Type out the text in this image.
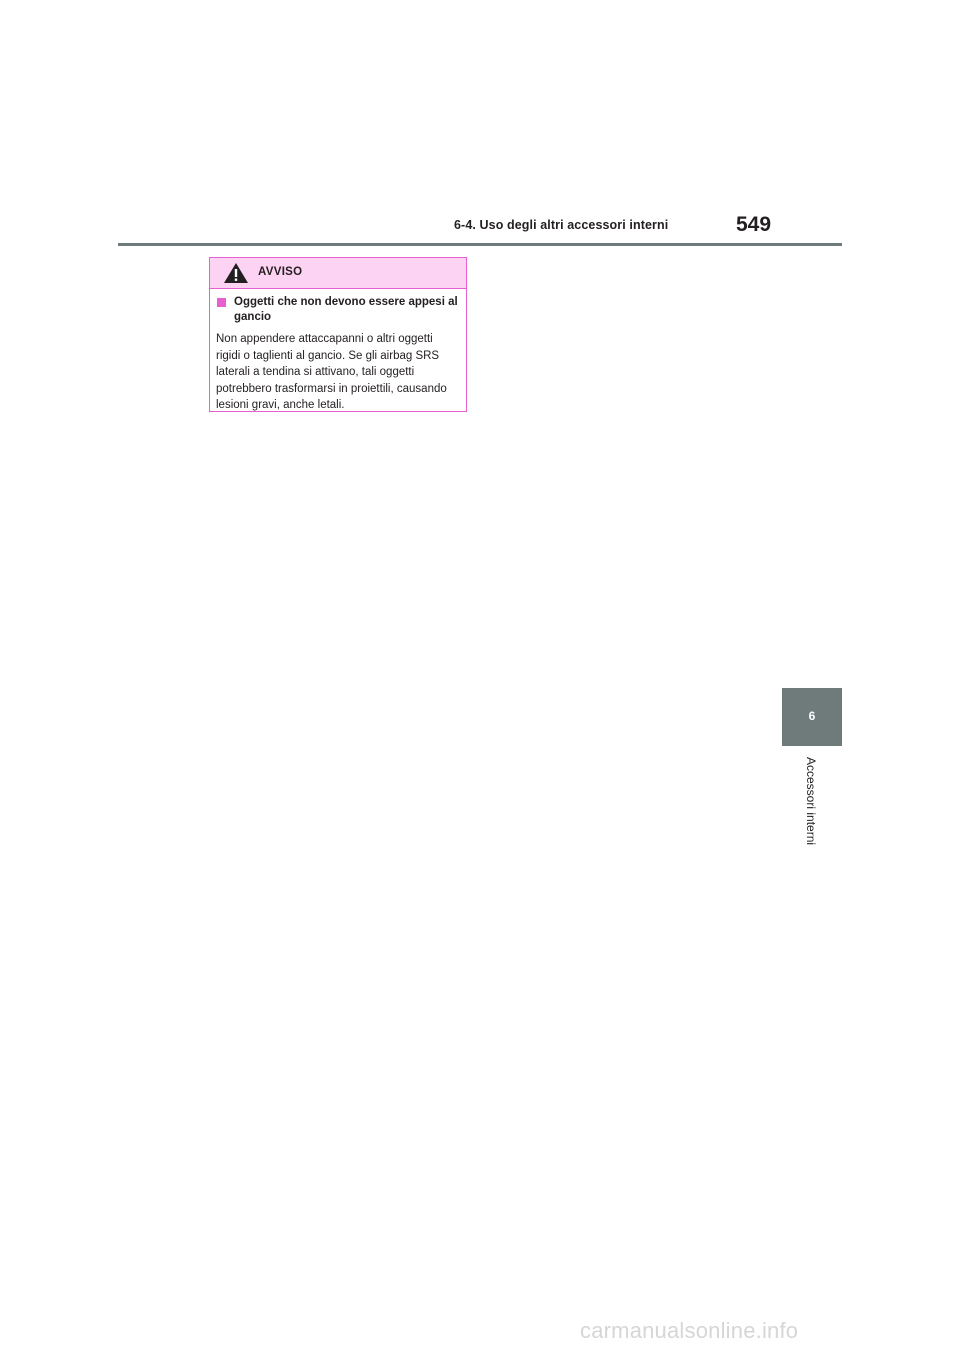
6-4. Uso degli altri accessori interni	549
AVVISO
Oggetti che non devono essere appesi al gancio
Non appendere attaccapanni o altri oggetti rigidi o taglienti al gancio. Se gli airbag SRS laterali a tendina si attivano, tali oggetti potrebbero trasformarsi in proiettili, causando lesioni gravi, anche letali.
6
Accessori interni
carmanualsonline.info
